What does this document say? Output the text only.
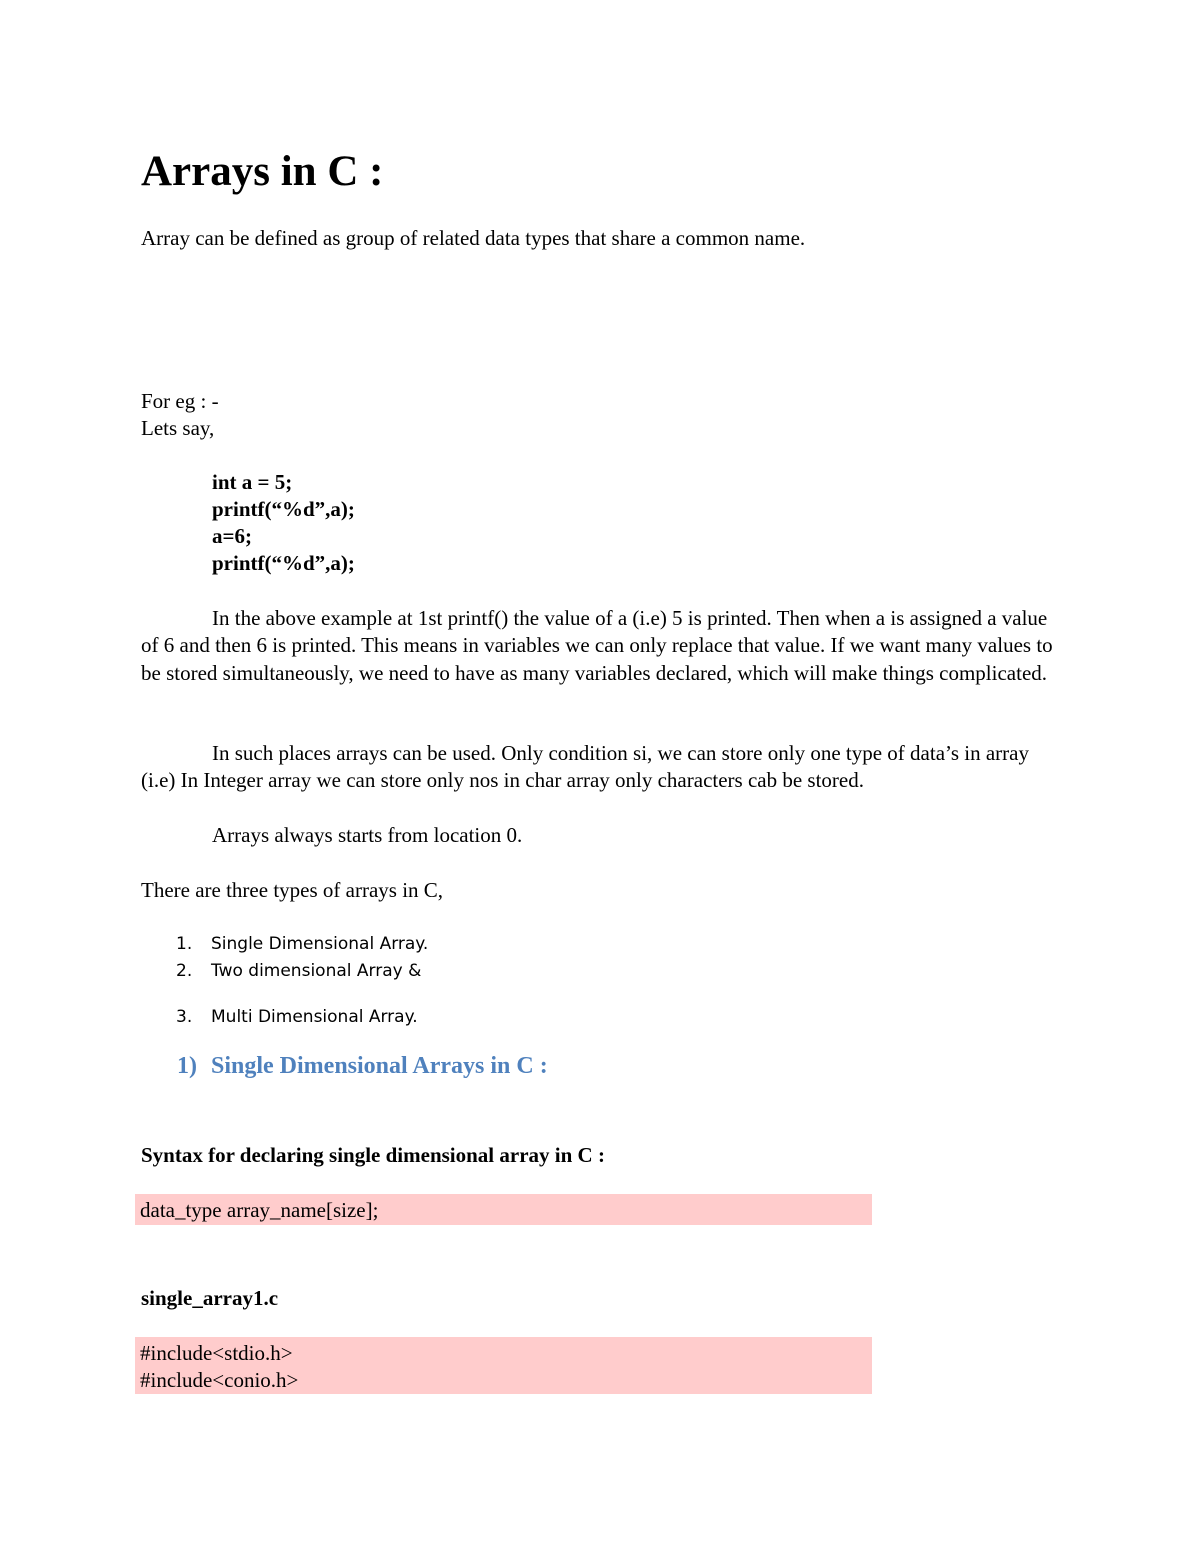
Arrays in C :
Array can be defined as group of related data types that share a common name.
For eg : -
Lets say,
int a = 5;
printf(“%d”,a);
a=6;
printf(“%d”,a);
In the above example at 1st printf() the value of a (i.e) 5 is printed. Then when a is assigned a value of 6 and then 6 is printed. This means in variables we can only replace that value. If we want many values to be stored simultaneously, we need to have as many variables declared, which will make things complicated.
In such places arrays can be used. Only condition si, we can store only one type of data’s in array (i.e) In Integer array we can store only nos in char array only characters cab be stored.
Arrays always starts from location 0.
There are three types of arrays in C,
1. Single Dimensional Array.
2. Two dimensional Array &
3. Multi Dimensional Array.
1) Single Dimensional Arrays in C :
Syntax for declaring single dimensional array in C :
data_type array_name[size];
single_array1.c
#include<stdio.h>
#include<conio.h>
